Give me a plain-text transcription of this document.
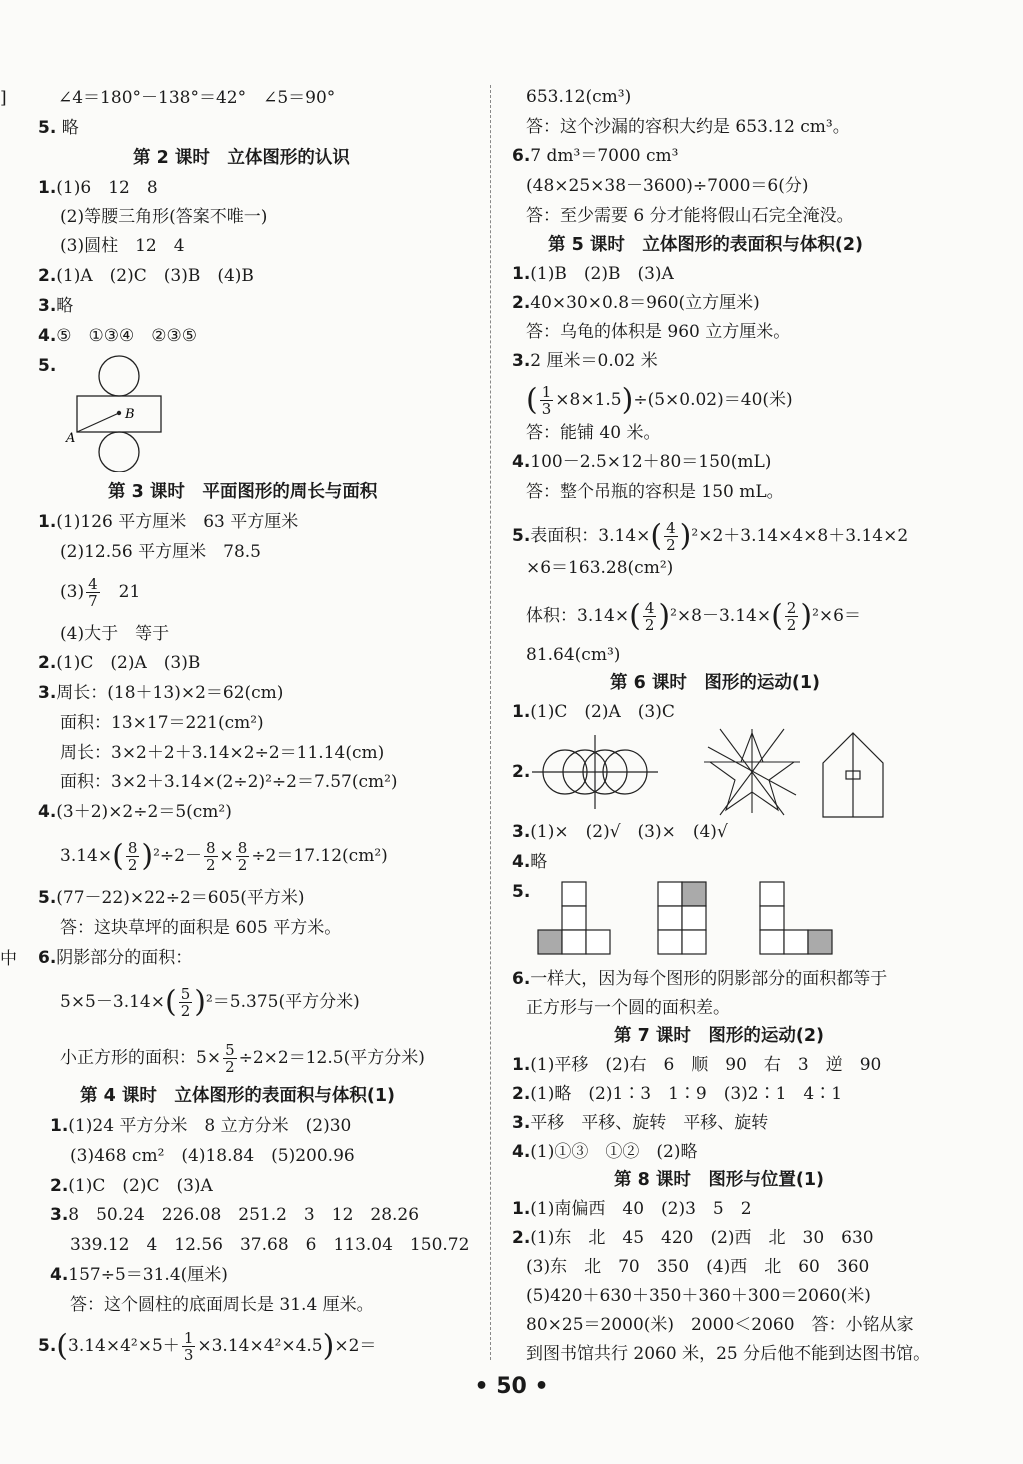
]
中
∠4＝180°－138°＝42°　∠5＝90°
5. 略
第 2 课时　立体图形的认识
1.(1)6　12　8
(2)等腰三角形(答案不唯一)
(3)圆柱　12　4
2.(1)A　(2)C　(3)B　(4)B
3.略
4.⑤　①③④　②③⑤
5.
B
A
第 3 课时　平面图形的周长与面积
1.(1)126 平方厘米　63 平方厘米
(2)12.56 平方厘米　78.5
$(3) \frac{4}{7}$
　 21
(4)大于　等于
2.(1)C　(2)A　(3)B
3.周长：(18＋13)×2＝62(cm)
面积：13×17＝221(cm²)
周长：3×2＋2＋3.14×2÷2＝11.14(cm)
面积：3×2＋3.14×(2÷2)²÷2＝7.57(cm²)
4.(3＋2)×2÷2＝5(cm²)
$3.14\times( \frac{8}{2} )^2\div 2- \frac{8}{2} \times \frac{8}{2} \div 2=17.12(cm^2)$
5.(77－22)×22÷2＝605(平方米)
答：这块草坪的面积是 605 平方米。
6.阴影部分的面积：
$5\times 5-3.14\times( \frac{5}{2} )^2=5.375$(平方分米)
小正方形的面积：$5\times \frac{5}{2} \div 2\times 2=12.5$(平方分米)
第 4 课时　立体图形的表面积与体积(1)
1.(1)24 平方分米　8 立方分米　(2)30
(3)468 cm²　(4)18.84　(5)200.96
2.(1)C　(2)C　(3)A
3.8　50.24　226.08　251.2　3　12　28.26
339.12　4　12.56　37.68　6　113.04　150.72
4.157÷5＝31.4(厘米)
答：这个圆柱的底面周长是 31.4 厘米。
$5.(3.14\times 4^2\times 5+ \frac{1}{3} \times 3.14\times 4^2\times 4.5)\times 2=$
653.12(cm³)
答：这个沙漏的容积大约是 653.12 cm³。
6.7 dm³＝7000 cm³
(48×25×38－3600)÷7000＝6(分)
答：至少需要 6 分才能将假山石完全淹没。
第 5 课时　立体图形的表面积与体积(2)
1.(1)B　(2)B　(3)A
2.40×30×0.8＝960(立方厘米)
答：乌龟的体积是 960 立方厘米。
3.2 厘米＝0.02 米
( $\frac{1}{3} \times 8\times 1.5)\div(5\times 0.02)=40$(米)
答：能铺 40 米。
4.100－2.5×12＋80＝150(mL)
答：整个吊瓶的容积是 150 mL。
5.表面积：$3.14\times( \frac{4}{2} )^2\times 2+3.14\times 4\times 8+3.14\times 2$
×6＝163.28(cm²)
体积：$3.14\times( \frac{4}{2} )^2\times 8-3.14\times( \frac{2}{2} )^2\times 6=$
81.64(cm³)
第 6 课时　图形的运动(1)
1.(1)C　(2)A　(3)C
2.
3.(1)×　(2)√　(3)×　(4)√
4.略
5.
6.一样大，因为每个图形的阴影部分的面积都等于
正方形与一个圆的面积差。
第 7 课时　图形的运动(2)
1.(1)平移　(2)右　6　顺　90　右　3　逆　90
2.(1)略　(2)1∶3　1∶9　(3)2∶1　4∶1
3.平移　平移、旋转　平移、旋转
4.(1)①③　①②　(2)略
第 8 课时　图形与位置(1)
1.(1)南偏西　40　(2)3　5　2
2.(1)东　北　45　420　(2)西　北　30　630
(3)东　北　70　350　(4)西　北　60　360
(5)420＋630＋350＋360＋300＝2060(米)
80×25＝2000(米)　2000＜2060　答：小铭从家
到图书馆共行 2060 米，25 分后他不能到达图书馆。
• 50 •
